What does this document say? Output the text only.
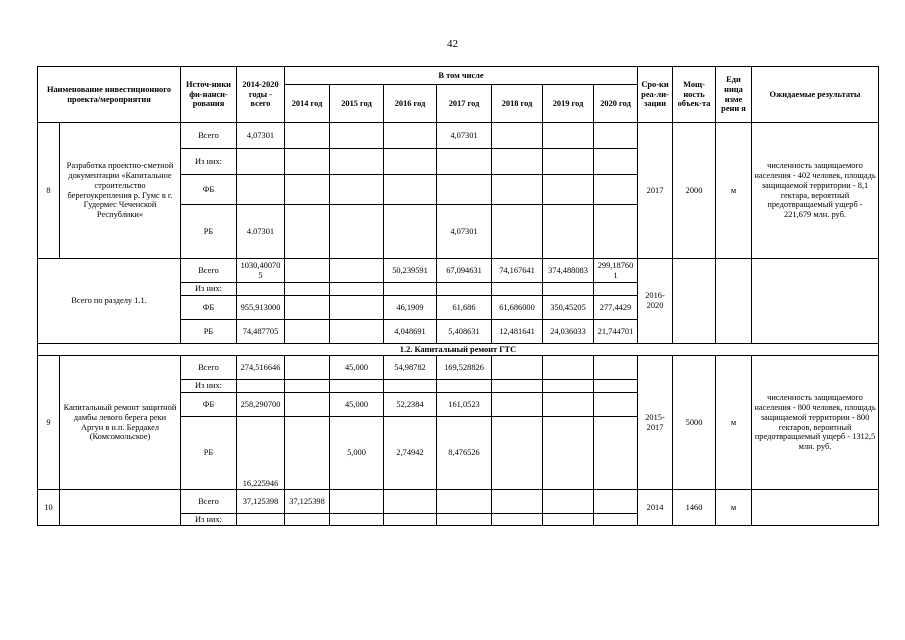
42
Наименование инвестиционного проекта/мероприятия		Источ-ники фи-нанси-рования	2014-2020 годы - всего	В том числе							Сро-ки реа-ли-зации	Мощ-ность объек-та	Еди ница изме рени я	Ожидаемые результаты
				2014 год	2015 год	2016 год	2017 год	2018 год	2019 год	2020 год				
8	Разработка проектно-сметной документации «Капитальное строительство берегоукрепления р. Гумс в г. Гудермес Чеченской Республики»	Всего	4,07301				4,07301				2017	2000	м	численность защищаемого населения - 402 человек, площадь защищаемой территории - 8,1 гектара, вероятный предотвращаемый ущерб - 221,679 млн. руб.
		Из них:												
		ФБ												
		РБ	4.07301				4,07301							
Всего по разделу 1.1.		Всего	1030,400705			50,239591	67,094631	74,167641	374,488083	299,187601	2016-2020			
		Из них:												
		ФБ	955,913000			46,1909	61,686	61,686000	350,45205	277,4429				
		РБ	74,487705			4,048691	5,408631	12,481641	24,036033	21,744701				
1.2. Капитальный ремонт ГТС														
9	Капитальный ремонт защитной дамбы левого берега реки Аргун в н.п. Бердакел (Комсомольское)	Всего	274,516646		45,000	54,98782	169,528826				2015-2017	5000	м	численность защищаемого населения - 800 человек, площадь защищаемой территории - 800 гектаров, вероятный предотвращаемый ущерб - 1312,5 млн. руб.
		Из них:												
		ФБ	258,290700		45,000	52,2384	161,0523							
		РБ	16,225946		5,000	2,74942	8,476526							
10		Всего	37,125398	37,125398							2014	1460	м	
		Из них:												
